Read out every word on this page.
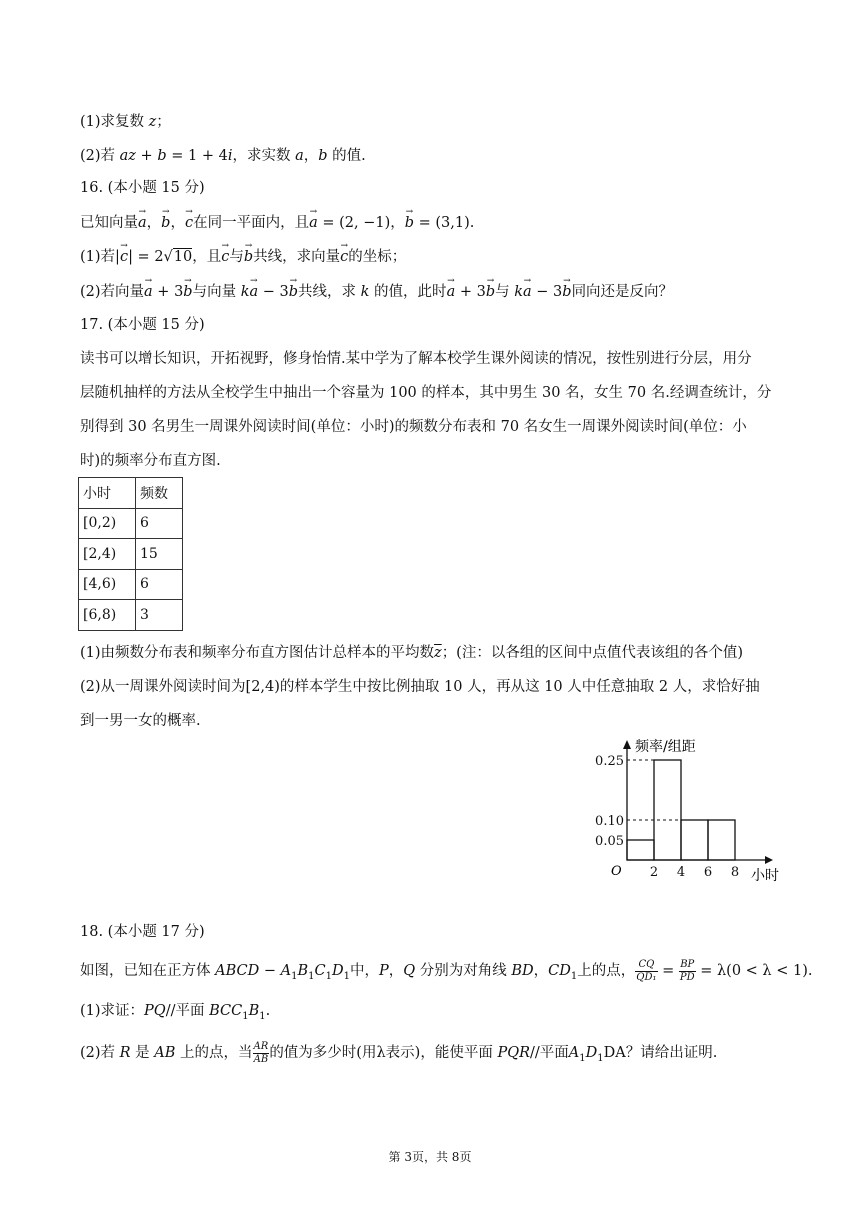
(1)求复数 z；
(2)若 az + b = 1 + 4i，求实数 a，b 的值.
16. (本小题 15 分)
已知向量→ a，→ b，→ c在同一平面内，且→ a = (2, −1)，→ b = (3,1).
(1)若|→ c| = 2√10，且→ c与→ b共线，求向量→ c的坐标；
(2)若向量→ a + 3→ b与向量 k→ a − 3→ b共线，求 k 的值，此时→ a + 3→ b与 k→ a − 3→ b同向还是反向？
17. (本小题 15 分)
读书可以增长知识，开拓视野，修身怡情.某中学为了解本校学生课外阅读的情况，按性别进行分层，用分
层随机抽样的方法从全校学生中抽出一个容量为 100 的样本，其中男生 30 名，女生 70 名.经调查统计，分
别得到 30 名男生一周课外阅读时间(单位：小时)的频数分布表和 70 名女生一周课外阅读时间(单位：小
时)的频率分布直方图.
小时	频数
[0,2)	6
[2,4)	15
[4,6)	6
[6,8)	3
(1)由频数分布表和频率分布直方图估计总样本的平均数$\overline{z}$；(注：以各组的区间中点值代表该组的各个值)
(2)从一周课外阅读时间为[2,4)的样本学生中按比例抽取 10 人，再从这 10 人中任意抽取 2 人，求恰好抽
到一男一女的概率.
0.05
0.10
0.25
2 4 6 8
频率/组距
小时
O
18. (本小题 17 分)
如图，已知在正方体 ABCD − $A_1B_1C_1D_1$中，P，Q 分别为对角线 BD，$CD_1$上的点， $\frac{CQ}{\text{QD₁}} = \frac{BP}{PD} = \lambda(0 < \lambda < 1)$.
(1)求证：PQ//平面 $BCC_1B_1$.
(2)若 R 是 AB 上的点，当 $\frac{AR}{AB}$ 的值为多少时(用λ表示)，能使平面 PQR//平面$A_1D_1DA$？请给出证明.
第 3页，共 8页
